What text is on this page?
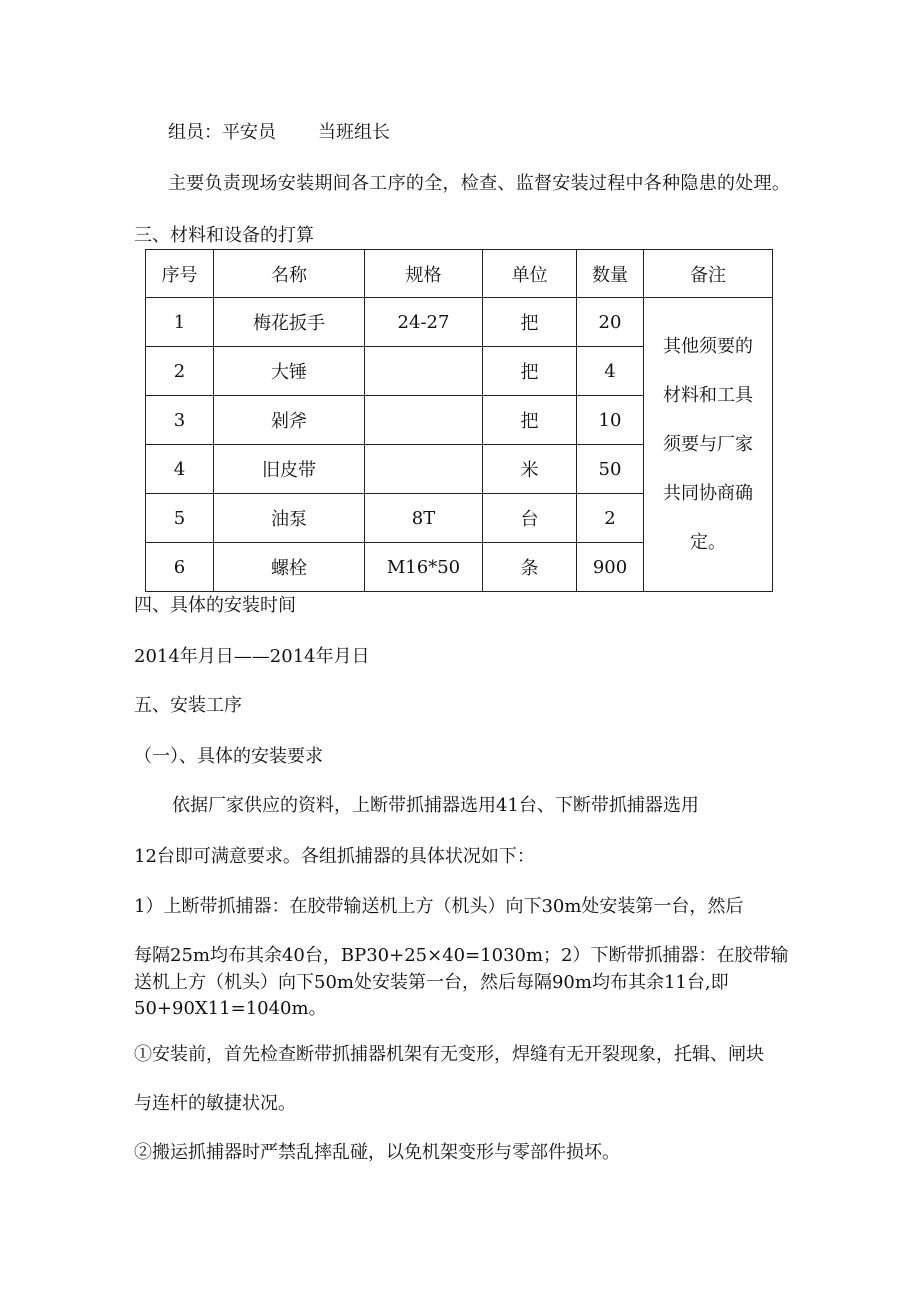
组员：平安员 当班组长
主要负责现场安装期间各工序的全，检查、监督安装过程中各种隐患的处理。
三、材料和设备的打算
序号	名称	规格	单位	数量	备注
1	梅花扳手	24-27	把	20	其他须要的
材料和工具
须要与厂家
共同协商确
定。

2	大锤		把	4	
3	剁斧		把	10	
4	旧皮带		米	50	
5	油泵	8T	台	2	
6	螺栓	M16*50	条	900	
四、具体的安装时间
2014年月日——2014年月日
五、安装工序
（一）、具体的安装要求
依据厂家供应的资料，上断带抓捕器选用41台、下断带抓捕器选用
12台即可满意要求。各组抓捕器的具体状况如下：
1）上断带抓捕器：在胶带输送机上方（机头）向下30m处安装第一台，然后
每隔25m均布其余40台，BP30+25×40=1030m；2）下断带抓捕器：在胶带输
送机上方（机头）向下50m处安装第一台，然后每隔90m均布其余11台,即
50+90X11=1040m。
①安装前，首先检查断带抓捕器机架有无变形，焊缝有无开裂现象，托辑、闸块
与连杆的敏捷状况。
②搬运抓捕器时严禁乱摔乱碰，以免机架变形与零部件损坏。
